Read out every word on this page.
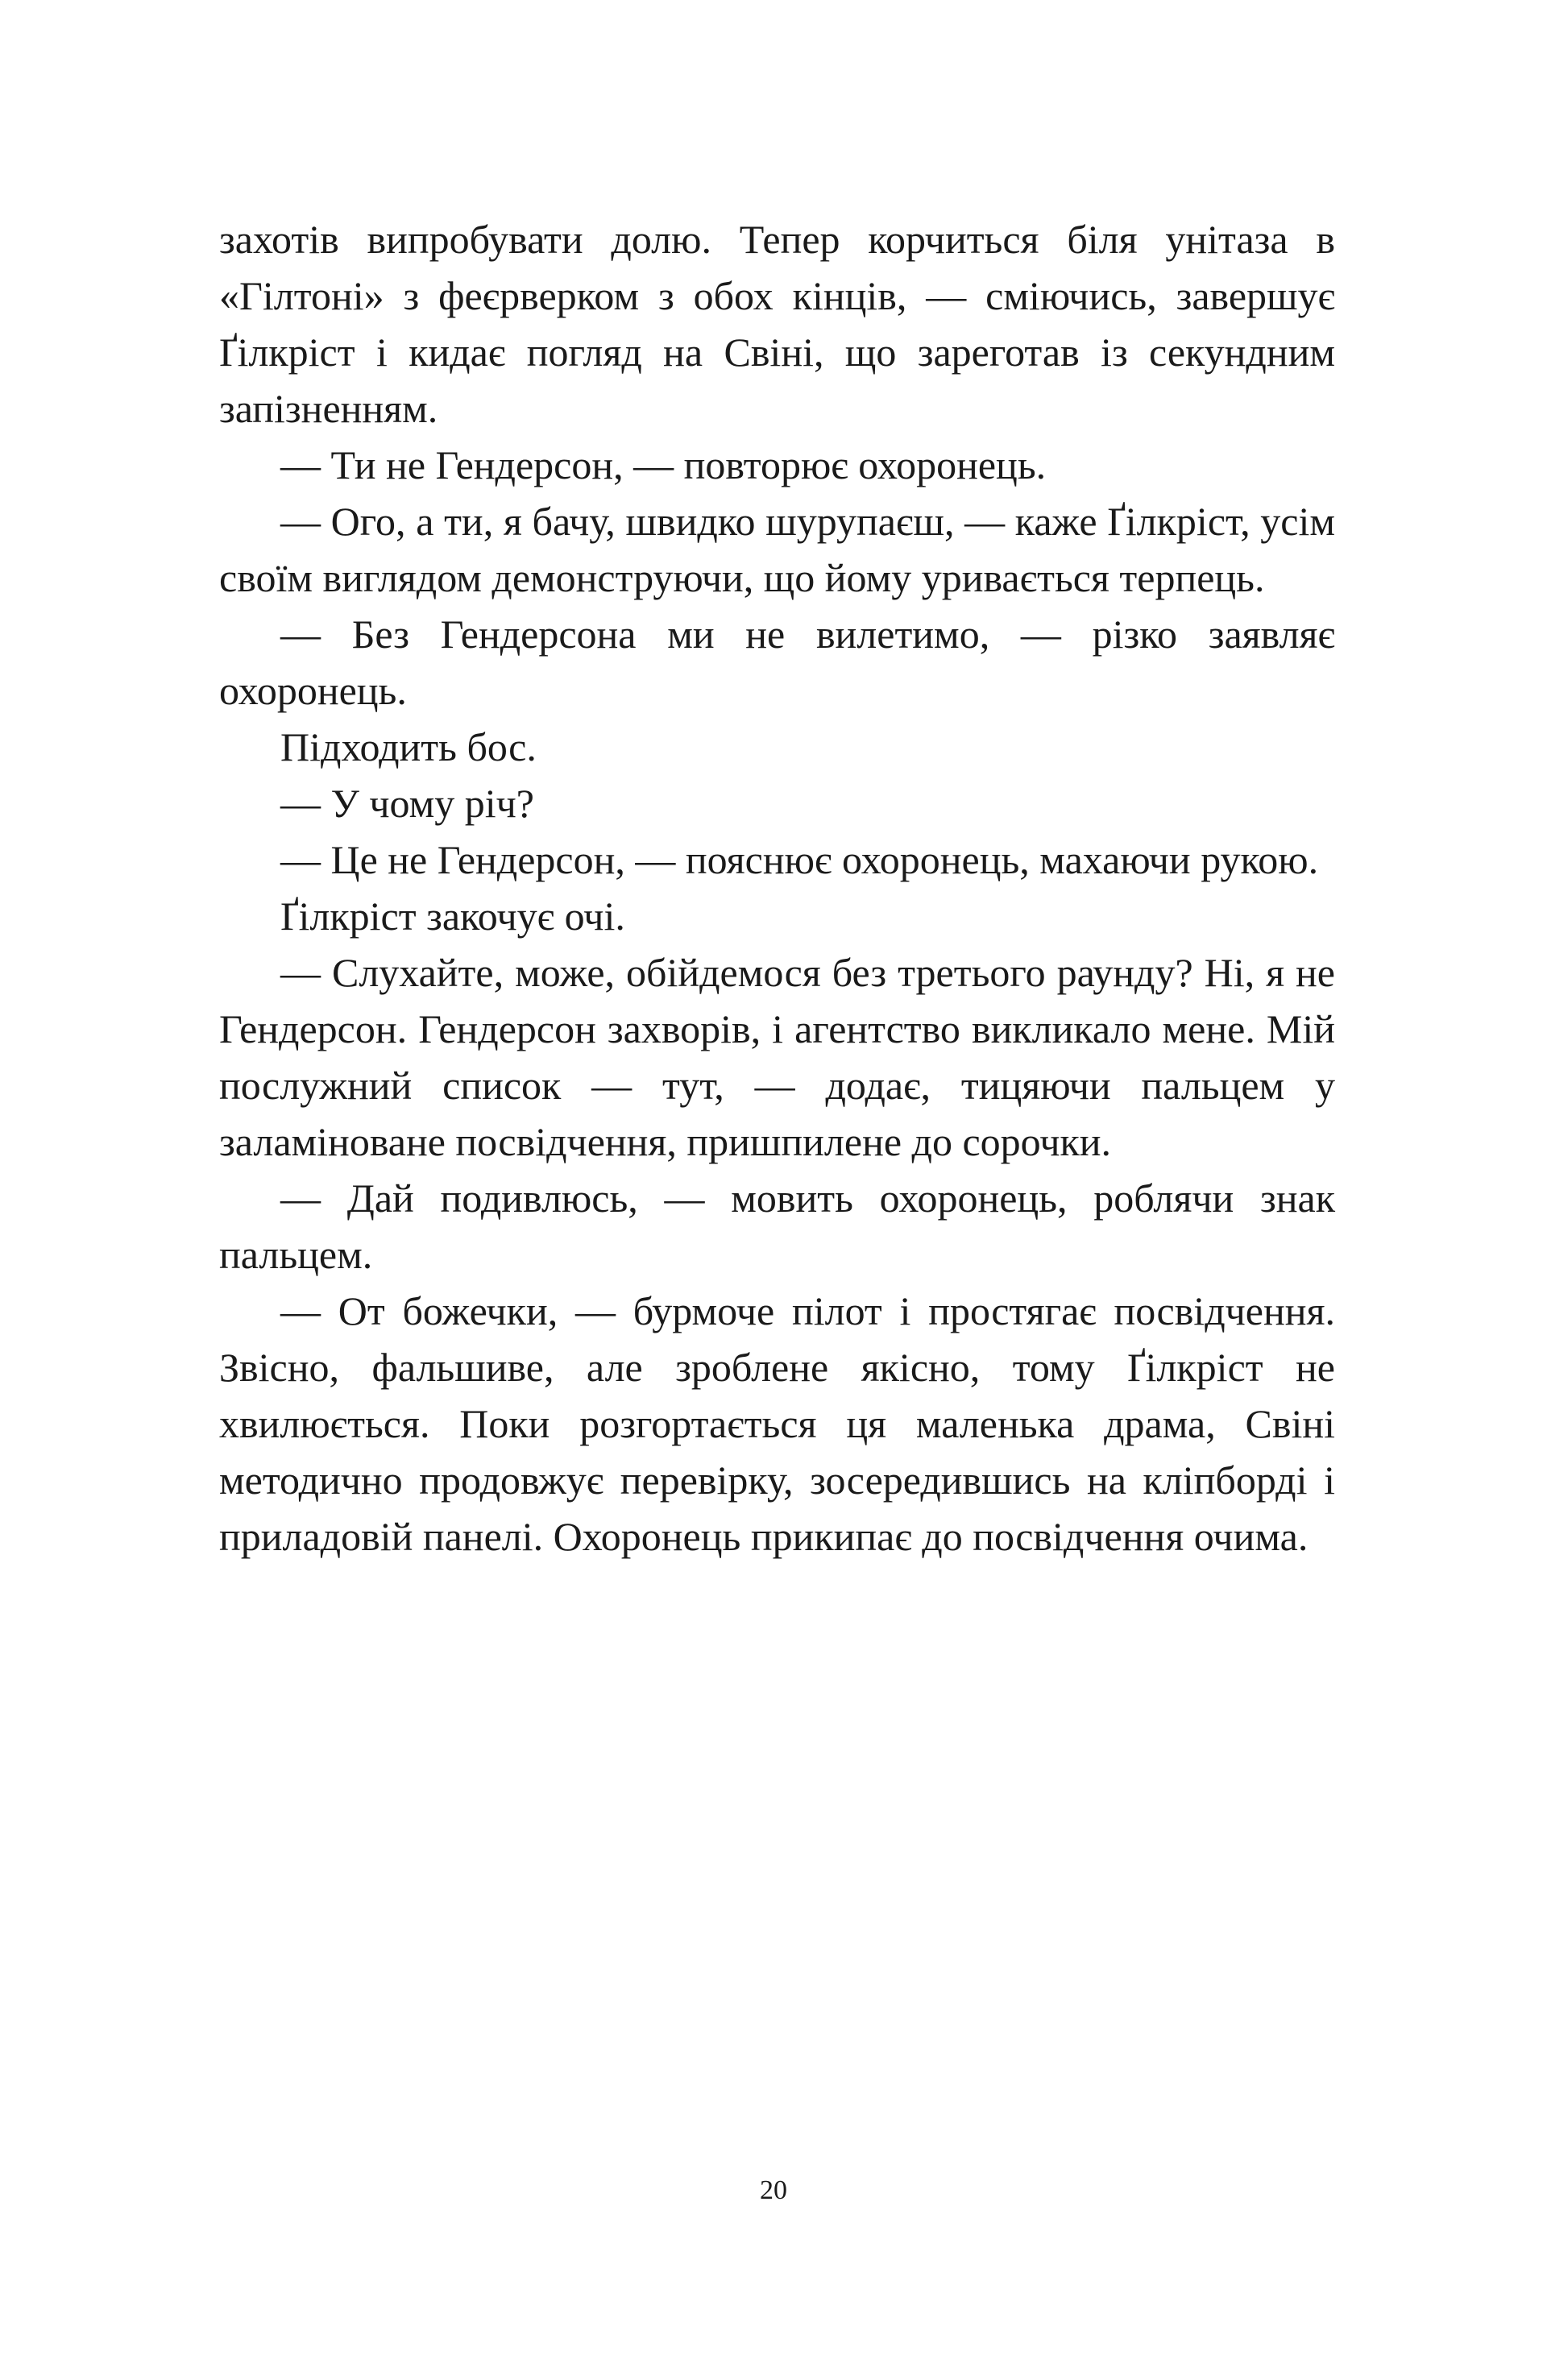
захотів випробувати долю. Тепер корчиться біля унітаза в «Гілтоні» з феєрверком з обох кінців, — сміючись, завершує Ґілкріст і кидає погляд на Свіні, що зареготав із секундним запізненням.

— Ти не Гендерсон, — повторює охоронець.

— Ого, а ти, я бачу, швидко шурупаєш, — каже Ґілкріст, усім своїм виглядом демонструючи, що йому уривається терпець.

— Без Гендерсона ми не вилетимо, — різко заявляє охоронець.

Підходить бос.

— У чому річ?

— Це не Гендерсон, — пояснює охоронець, махаючи рукою.

Ґілкріст закочує очі.

— Слухайте, може, обійдемося без третього раунду? Ні, я не Гендерсон. Гендерсон захворів, і агентство викликало мене. Мій послужний список — тут, — додає, тицяючи пальцем у заламіноване посвідчення, пришпилене до сорочки.

— Дай подивлюсь, — мовить охоронець, роблячи знак пальцем.

— От божечки, — бурмоче пілот і простягає посвідчення. Звісно, фальшиве, але зроблене якісно, тому Ґілкріст не хвилюється. Поки розгортається ця маленька драма, Свіні методично продовжує перевірку, зосередившись на кліпборді і приладовій панелі. Охоронець прикипає до посвідчення очима.

20
